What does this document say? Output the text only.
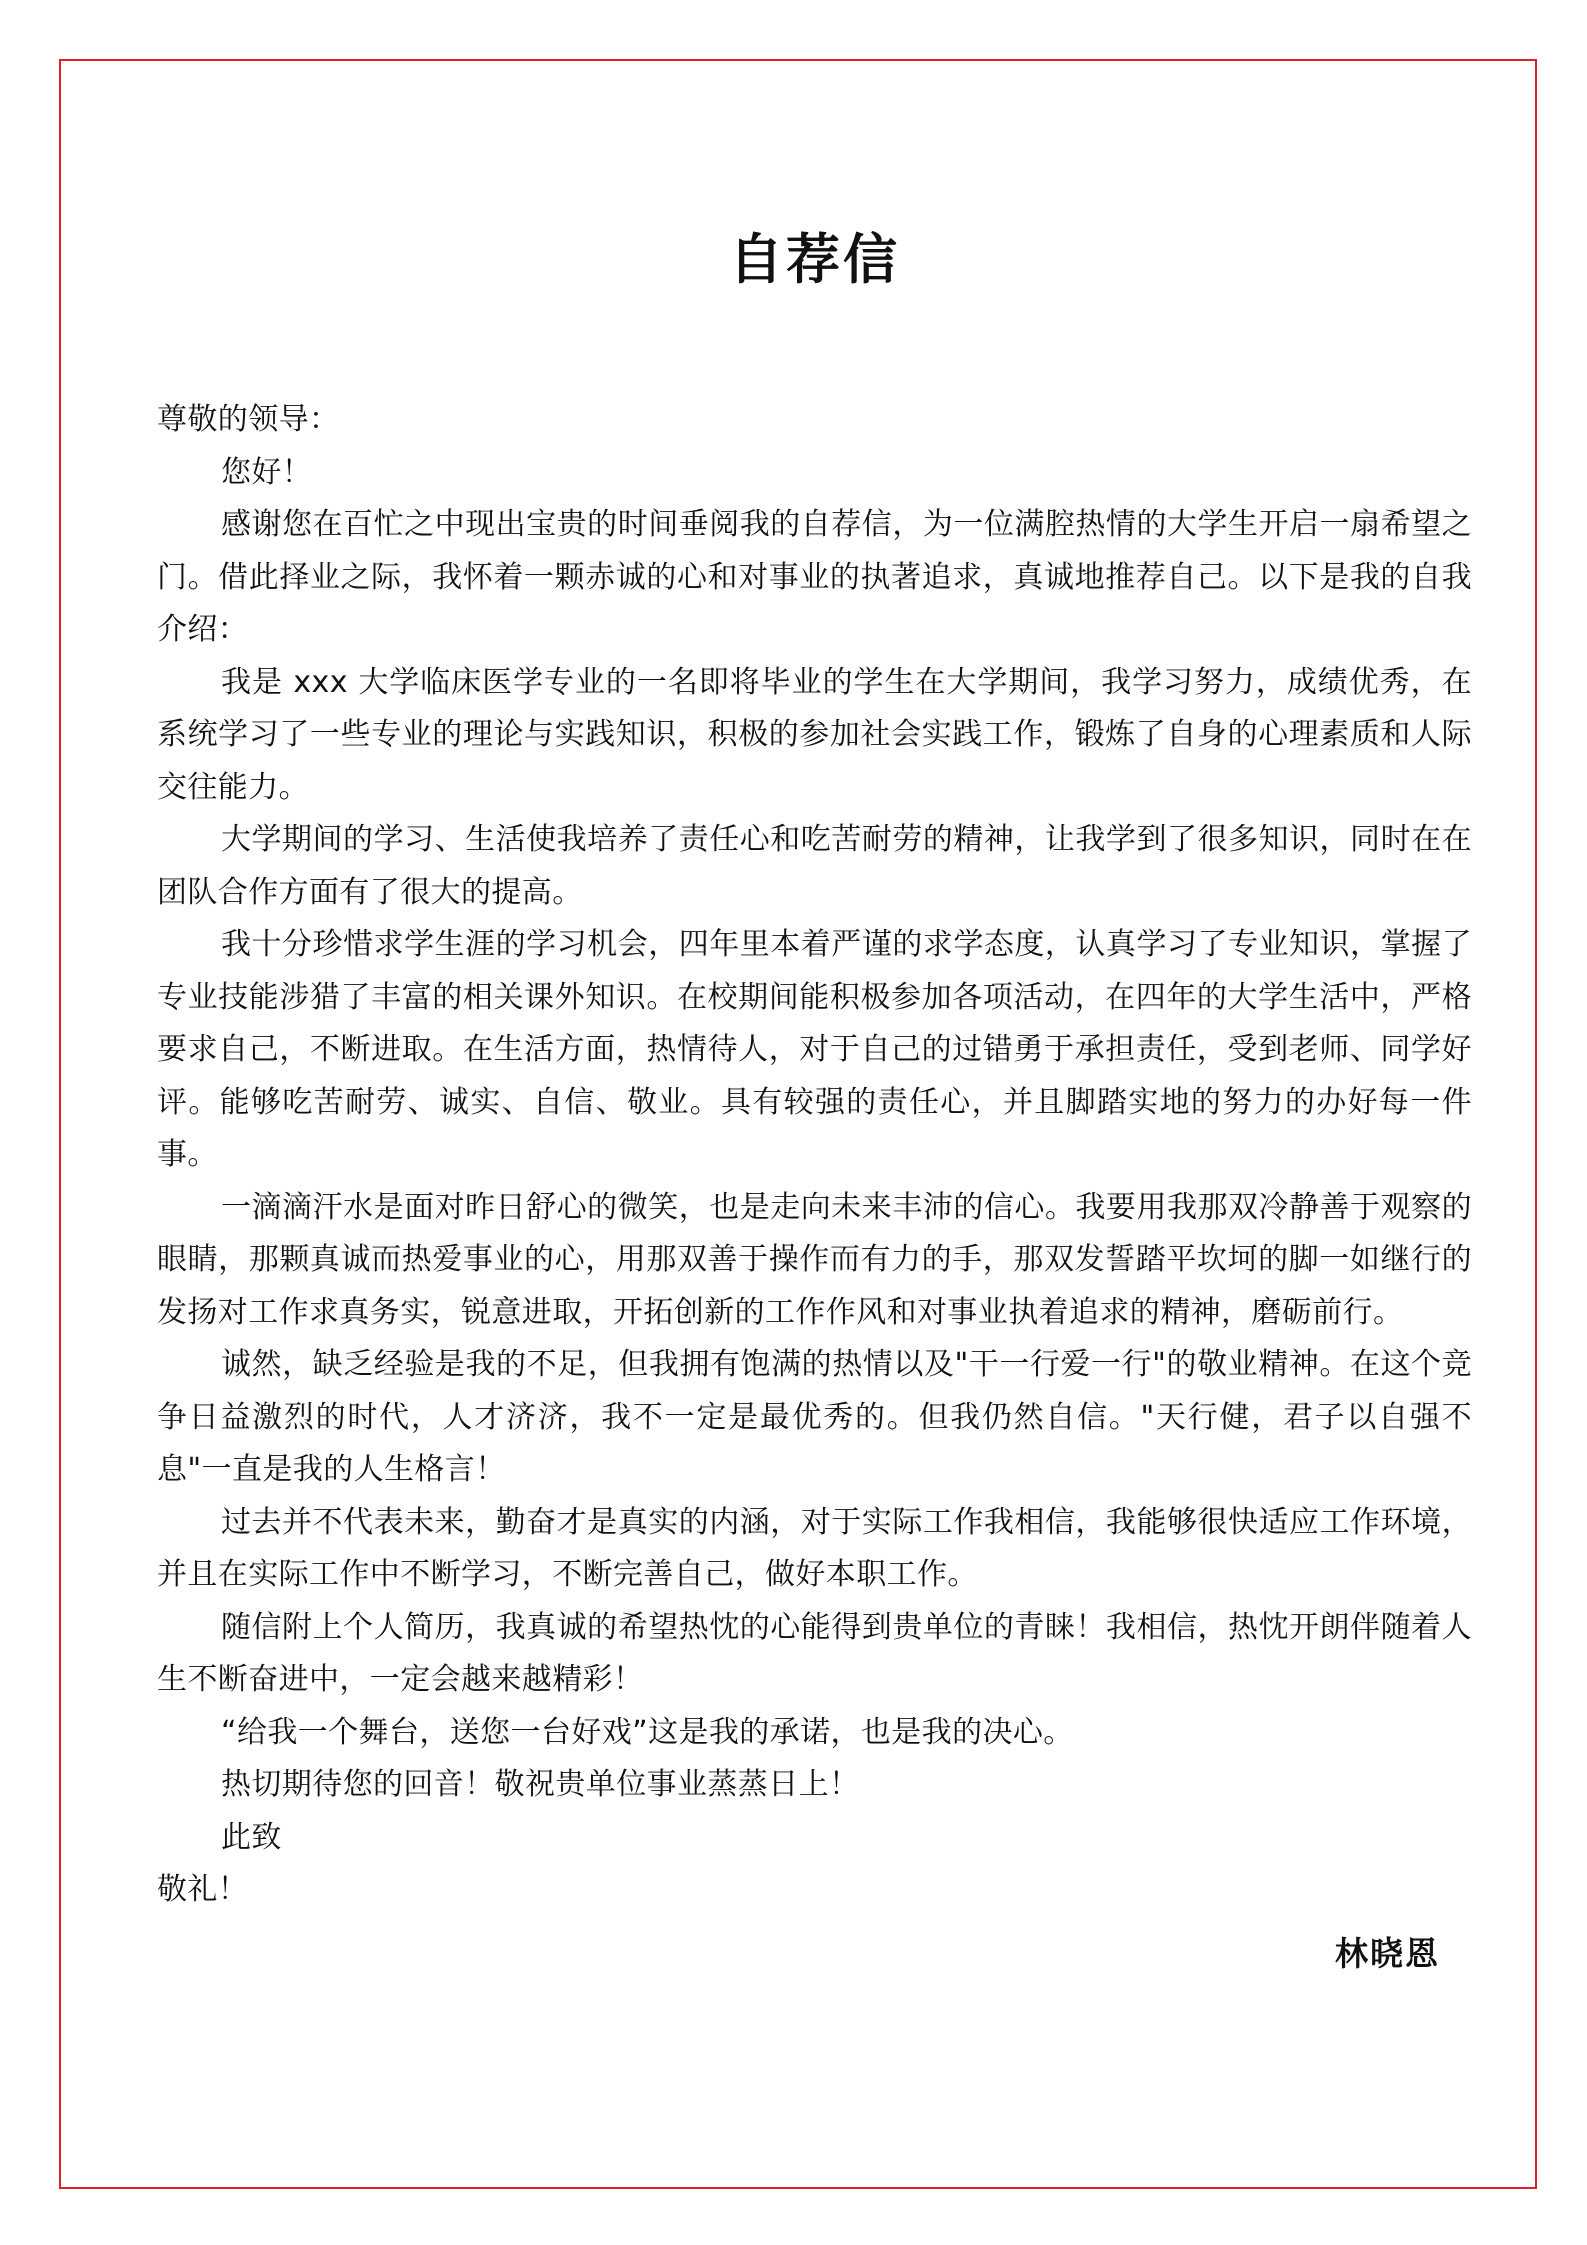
自荐信

尊敬的领导：

您好！

感谢您在百忙之中现出宝贵的时间垂阅我的自荐信，为一位满腔热情的大学生开启一扇希望之门。借此择业之际，我怀着一颗赤诚的心和对事业的执著追求，真诚地推荐自己。以下是我的自我介绍：

我是 xxx 大学临床医学专业的一名即将毕业的学生在大学期间，我学习努力，成绩优秀，在系统学习了一些专业的理论与实践知识，积极的参加社会实践工作，锻炼了自身的心理素质和人际交往能力。

大学期间的学习、生活使我培养了责任心和吃苦耐劳的精神，让我学到了很多知识，同时在在团队合作方面有了很大的提高。

我十分珍惜求学生涯的学习机会，四年里本着严谨的求学态度，认真学习了专业知识，掌握了专业技能涉猎了丰富的相关课外知识。在校期间能积极参加各项活动，在四年的大学生活中，严格要求自己，不断进取。在生活方面，热情待人，对于自己的过错勇于承担责任，受到老师、同学好评。能够吃苦耐劳、诚实、自信、敬业。具有较强的责任心，并且脚踏实地的努力的办好每一件事。

一滴滴汗水是面对昨日舒心的微笑，也是走向未来丰沛的信心。我要用我那双冷静善于观察的眼睛，那颗真诚而热爱事业的心，用那双善于操作而有力的手，那双发誓踏平坎坷的脚一如继行的发扬对工作求真务实，锐意进取，开拓创新的工作作风和对事业执着追求的精神，磨砺前行。

诚然，缺乏经验是我的不足，但我拥有饱满的热情以及"干一行爱一行"的敬业精神。在这个竞争日益激烈的时代，人才济济，我不一定是最优秀的。但我仍然自信。"天行健，君子以自强不息"一直是我的人生格言！

过去并不代表未来，勤奋才是真实的内涵，对于实际工作我相信，我能够很快适应工作环境，并且在实际工作中不断学习，不断完善自己，做好本职工作。

随信附上个人简历，我真诚的希望热忱的心能得到贵单位的青睐！我相信，热忱开朗伴随着人生不断奋进中，一定会越来越精彩！

“给我一个舞台，送您一台好戏”这是我的承诺，也是我的决心。

热切期待您的回音！敬祝贵单位事业蒸蒸日上！

此致

敬礼！

林晓恩
